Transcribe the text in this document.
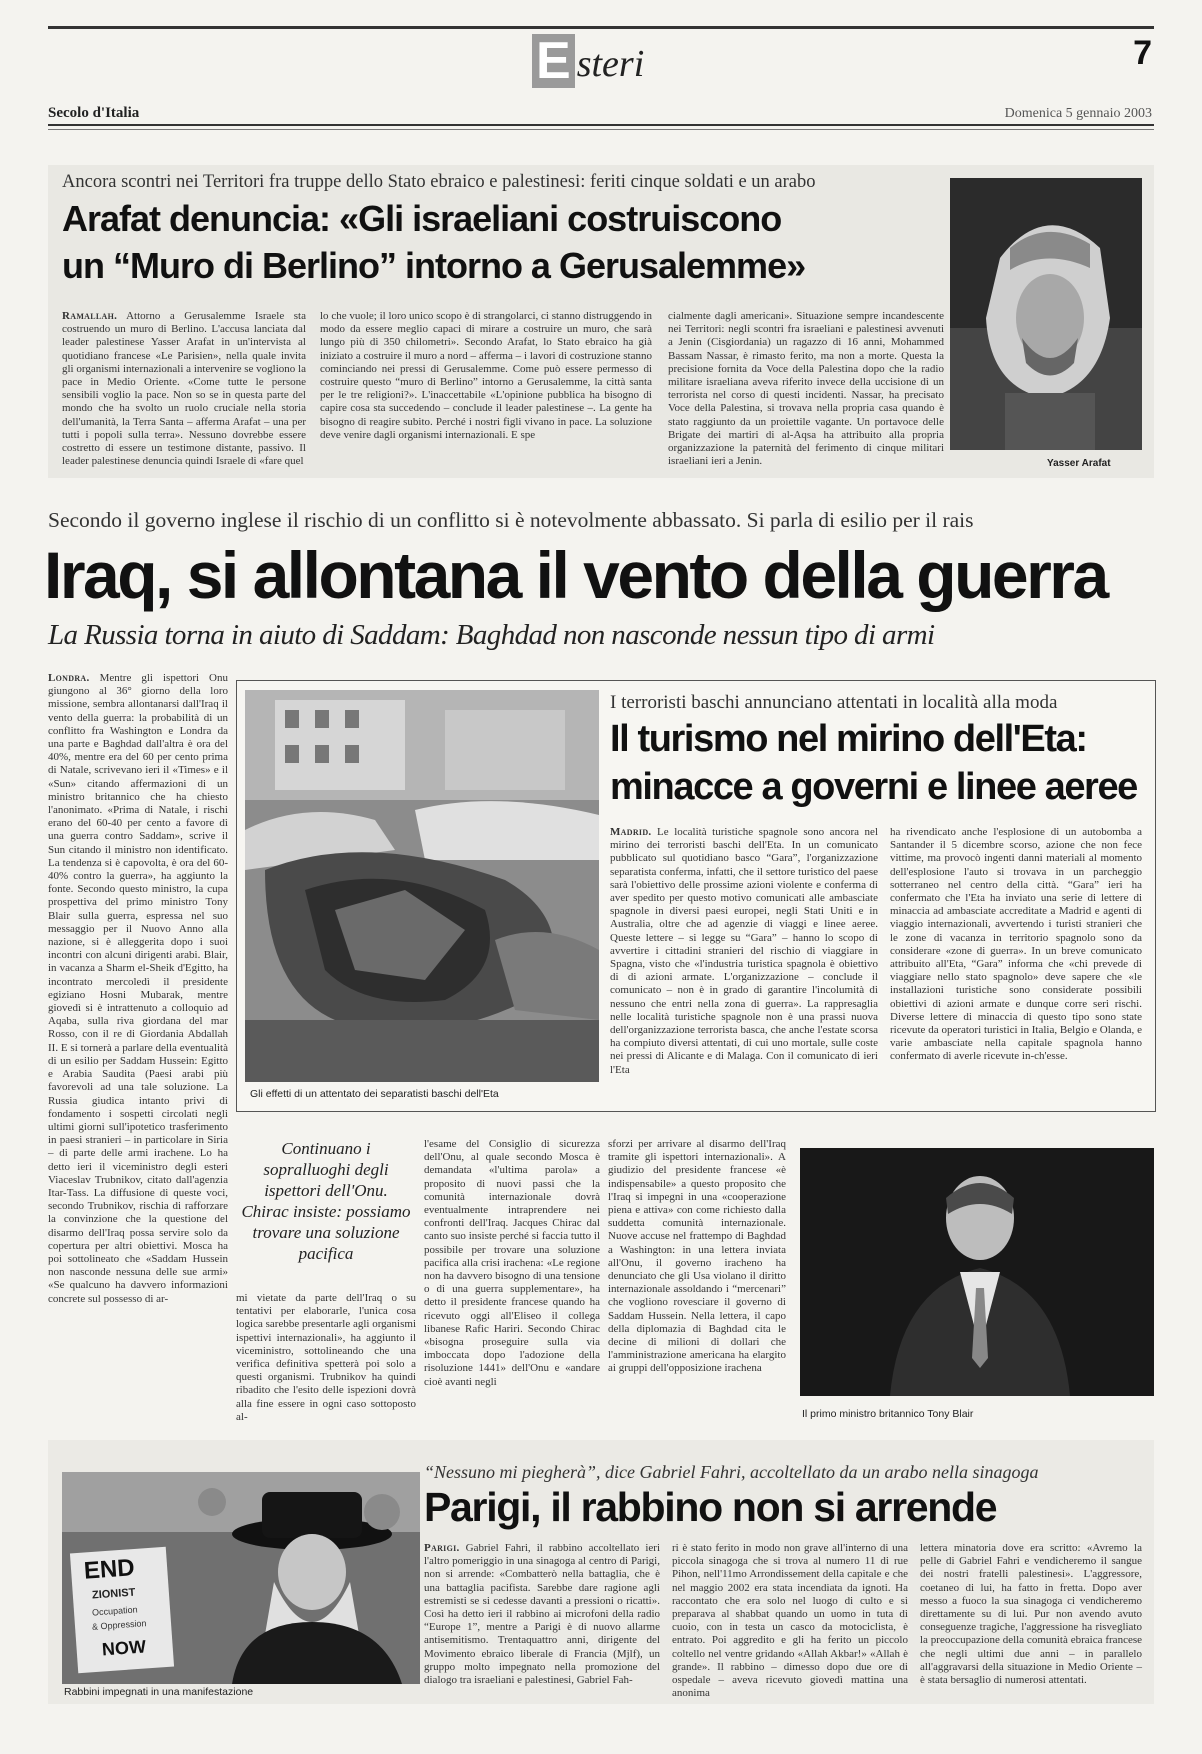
E steri	7
Secolo d'Italia	Domenica 5 gennaio 2003
Ancora scontri nei Territori fra truppe dello Stato ebraico e palestinesi: feriti cinque soldati e un arabo
Arafat denuncia: «Gli israeliani costruiscono
un “Muro di Berlino” intorno a Gerusalemme»
Ramallah. Attorno a Gerusalemme Israele sta costruendo un muro di Berlino. L'accusa lanciata dal leader palestinese Yasser Arafat in un'intervista al quotidiano francese «Le Parisien», nella quale invita gli organismi internazionali a intervenire se vogliono la pace in Medio Oriente. «Come tutte le persone sensibili voglio la pace. Non so se in questa parte del mondo che ha svolto un ruolo cruciale nella storia dell'umanità, la Terra Santa – afferma Arafat – una per tutti i popoli sulla terra». Nessuno dovrebbe essere costretto di essere un testimone distante, passivo. Il leader palestinese denuncia quindi Israele di «fare quel
lo che vuole; il loro unico scopo è di strangolarci, ci stanno distruggendo in modo da essere meglio capaci di mirare a costruire un muro, che sarà lungo più di 350 chilometri». Secondo Arafat, lo Stato ebraico ha già iniziato a costruire il muro a nord – afferma – i lavori di costruzione stanno cominciando nei pressi di Gerusalemme. Come può essere permesso di costruire questo “muro di Berlino” intorno a Gerusalemme, la città santa per le tre religioni?». L'inaccettabile «L'opinione pubblica ha bisogno di capire cosa sta succedendo – conclude il leader palestinese –. La gente ha bisogno di reagire subito. Perché i nostri figli vivano in pace. La soluzione deve venire dagli organismi internazionali. E spe
cialmente dagli americani». Situazione sempre incandescente nei Territori: negli scontri fra israeliani e palestinesi avvenuti a Jenin (Cisgiordania) un ragazzo di 16 anni, Mohammed Bassam Nassar, è rimasto ferito, ma non a morte. Questa la precisione fornita da Voce della Palestina dopo che la radio militare israeliana aveva riferito invece della uccisione di un terrorista nel corso di questi incidenti. Nassar, ha precisato Voce della Palestina, si trovava nella propria casa quando è stato raggiunto da un proiettile vagante. Un portavoce delle Brigate dei martiri di al-Aqsa ha attribuito alla propria organizzazione la paternità del ferimento di cinque militari israeliani ieri a Jenin.	Yasser Arafat
Secondo il governo inglese il rischio di un conflitto si è notevolmente abbassato. Si parla di esilio per il rais
Iraq, si allontana il vento della guerra
La Russia torna in aiuto di Saddam: Baghdad non nasconde nessun tipo di armi
Londra. Mentre gli ispettori Onu giungono al 36° giorno della loro missione, sembra allontanarsi dall'Iraq il vento della guerra: la probabilità di un conflitto fra Washington e Londra da una parte e Baghdad dall'altra è ora del 40%, mentre era del 60 per cento prima di Natale, scrivevano ieri il «Times» e il «Sun» citando affermazioni di un ministro britannico che ha chiesto l'anonimato. «Prima di Natale, i rischi erano del 60-40 per cento a favore di una guerra contro Saddam», scrive il Sun citando il ministro non identificato. La tendenza si è capovolta, è ora del 60-40% contro la guerra», ha aggiunto la fonte. Secondo questo ministro, la cupa prospettiva del primo ministro Tony Blair sulla guerra, espressa nel suo messaggio per il Nuovo Anno alla nazione, si è alleggerita dopo i suoi incontri con alcuni dirigenti arabi. Blair, in vacanza a Sharm el-Sheik d'Egitto, ha incontrato mercoledì il presidente egiziano Hosni Mubarak, mentre giovedì si è intrattenuto a colloquio ad Aqaba, sulla riva giordana del mar Rosso, con il re di Giordania Abdallah II. E si tornerà a parlare della eventualità di un esilio per Saddam Hussein: Egitto e Arabia Saudita (Paesi arabi più favorevoli ad una tale soluzione. La Russia giudica intanto privi di fondamento i sospetti circolati negli ultimi giorni sull'ipotetico trasferimento in paesi stranieri – in particolare in Siria – di parte delle armi irachene. Lo ha detto ieri il viceministro degli esteri Viaceslav Trubnikov, citato dall'agenzia Itar-Tass. La diffusione di queste voci, secondo Trubnikov, rischia di rafforzare la convinzione che la questione del disarmo dell'Iraq possa servire solo da copertura per altri obiettivi. Mosca ha poi sottolineato che «Saddam Hussein non nasconde nessuna delle sue armi» «Se qualcuno ha davvero informazioni concrete sul possesso di ar-
Gli effetti di un attentato dei separatisti baschi dell'Eta
I terroristi baschi annunciano attentati in località alla moda
Il turismo nel mirino dell'Eta:
minacce a governi e linee aeree
Madrid. Le località turistiche spagnole sono ancora nel mirino dei terroristi baschi dell'Eta. In un comunicato pubblicato sul quotidiano basco “Gara”, l'organizzazione separatista conferma, infatti, che il settore turistico del paese sarà l'obiettivo delle prossime azioni violente e conferma di aver spedito per questo motivo comunicati alle ambasciate spagnole in diversi paesi europei, negli Stati Uniti e in Australia, oltre che ad agenzie di viaggi e linee aeree. Queste lettere – si legge su “Gara” – hanno lo scopo di avvertire i cittadini stranieri del rischio di viaggiare in Spagna, visto che «l'industria turistica spagnola è obiettivo di di azioni armate. L'organizzazione – conclude il comunicato – non è in grado di garantire l'incolumità di nessuno che entri nella zona di guerra». La rappresaglia nelle località turistiche spagnole non è una prassi nuova dell'organizzazione terrorista basca, che anche l'estate scorsa ha compiuto diversi attentati, di cui uno mortale, sulle coste nei pressi di Alicante e di Malaga. Con il comunicato di ieri l'Eta
ha rivendicato anche l'esplosione di un autobomba a Santander il 5 dicembre scorso, azione che non fece vittime, ma provocò ingenti danni materiali al momento dell'esplosione l'auto si trovava in un parcheggio sotterraneo nel centro della città. “Gara” ieri ha confermato che l'Eta ha inviato una serie di lettere di minaccia ad ambasciate accreditate a Madrid e agenti di viaggio internazionali, avvertendo i turisti stranieri che le zone di vacanza in territorio spagnolo sono da considerare «zone di guerra». In un breve comunicato attribuito all'Eta, “Gara” informa che «chi prevede di viaggiare nello stato spagnolo» deve sapere che «le installazioni turistiche sono considerate possibili obiettivi di azioni armate e dunque corre seri rischi. Diverse lettere di minaccia di questo tipo sono state ricevute da operatori turistici in Italia, Belgio e Olanda, e varie ambasciate nella capitale spagnola hanno confermato di averle ricevute in-ch'esse.
Continuano i sopralluoghi degli ispettori dell'Onu. Chirac insiste: possiamo trovare una soluzione pacifica
mi vietate da parte dell'Iraq o su tentativi per elaborarle, l'unica cosa logica sarebbe presentarle agli organismi ispettivi internazionali», ha aggiunto il viceministro, sottolineando che una verifica definitiva spetterà poi solo a questi organismi. Trubnikov ha quindi ribadito che l'esito delle ispezioni dovrà alla fine essere in ogni caso sottoposto al-
l'esame del Consiglio di sicurezza dell'Onu, al quale secondo Mosca è demandata «l'ultima parola» a proposito di nuovi passi che la comunità internazionale dovrà eventualmente intraprendere nei confronti dell'Iraq. Jacques Chirac dal canto suo insiste perché si faccia tutto il possibile per trovare una soluzione pacifica alla crisi irachena: «Le regione non ha davvero bisogno di una tensione o di una guerra supplementare», ha detto il presidente francese quando ha ricevuto oggi all'Eliseo il collega libanese Rafic Hariri. Secondo Chirac «bisogna proseguire sulla via imboccata dopo l'adozione della risoluzione 1441» dell'Onu e «andare cioè avanti negli
sforzi per arrivare al disarmo dell'Iraq tramite gli ispettori internazionali». A giudizio del presidente francese «è indispensabile» a questo proposito che l'Iraq si impegni in una «cooperazione piena e attiva» con come richiesto dalla suddetta comunità internazionale. Nuove accuse nel frattempo di Baghdad a Washington: in una lettera inviata all'Onu, il governo iracheno ha denunciato che gli Usa violano il diritto internazionale assoldando i “mercenari” che vogliono rovesciare il governo di Saddam Hussein. Nella lettera, il capo della diplomazia di Baghdad cita le decine di milioni di dollari che l'amministrazione americana ha elargito ai gruppi dell'opposizione irachena
Il primo ministro britannico Tony Blair
END
ZIONIST
Occupation
& Oppression
NOW
Rabbini impegnati in una manifestazione
“Nessuno mi piegherà”, dice Gabriel Fahri, accoltellato da un arabo nella sinagoga
Parigi, il rabbino non si arrende
Parigi. Gabriel Fahri, il rabbino accoltellato ieri l'altro pomeriggio in una sinagoga al centro di Parigi, non si arrende: «Combatterò nella battaglia, che è una battaglia pacifista. Sarebbe dare ragione agli estremisti se si cedesse davanti a pressioni o ricatti». Così ha detto ieri il rabbino ai microfoni della radio “Europe 1”, mentre a Parigi è di nuovo allarme antisemitismo. Trentaquattro anni, dirigente del Movimento ebraico liberale di Francia (Mjlf), un gruppo molto impegnato nella promozione del dialogo tra israeliani e palestinesi, Gabriel Fah-
ri è stato ferito in modo non grave all'interno di una piccola sinagoga che si trova al numero 11 di rue Pihon, nell'11mo Arrondissement della capitale e che nel maggio 2002 era stata incendiata da ignoti. Ha raccontato che era solo nel luogo di culto e si preparava al shabbat quando un uomo in tuta di cuoio, con in testa un casco da motociclista, è entrato. Poi aggredito e gli ha ferito un piccolo coltello nel ventre gridando «Allah Akbar!» «Allah è grande». Il rabbino – dimesso dopo due ore di ospedale – aveva ricevuto giovedì mattina una anonima
lettera minatoria dove era scritto: «Avremo la pelle di Gabriel Fahri e vendicheremo il sangue dei nostri fratelli palestinesi». L'aggressore, coetaneo di lui, ha fatto in fretta. Dopo aver messo a fuoco la sua sinagoga ci vendicheremo direttamente su di lui. Pur non avendo avuto conseguenze tragiche, l'aggressione ha risvegliato la preoccupazione della comunità ebraica francese che negli ultimi due anni – in parallelo all'aggravarsi della situazione in Medio Oriente – è stata bersaglio di numerosi attentati.
